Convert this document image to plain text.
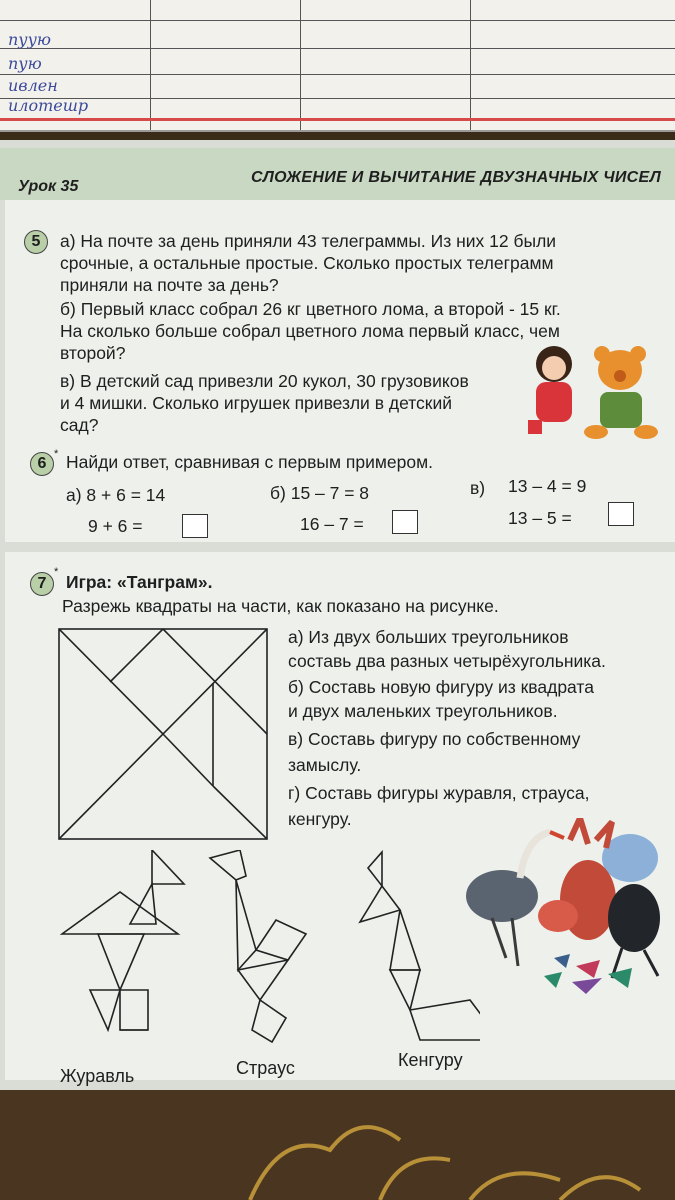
пуую
пую
ивлен
илотешр
Урок 35
СЛОЖЕНИЕ И ВЫЧИТАНИЕ ДВУЗНАЧНЫХ ЧИСЕЛ
5	а) На почте за день приняли 43 телеграммы. Из них 12 были
срочные, а остальные простые. Сколько простых телеграмм
приняли на почте за день?
б) Первый класс собрал 26 кг цветного лома, а второй - 15 кг.
На сколько больше собрал цветного лома первый класс, чем
второй?
в) В детский сад привезли 20 кукол, 30 грузовиков
и 4 мишки. Сколько игрушек привезли в детский
сад?
6
* Найди ответ, сравнивая с первым примером.
а) 8 + 6 = 14
9 + 6 =
б) 15 – 7 = 8
16 – 7 =
в) 13 – 4 = 9
13 – 5 =
7
* Игра: «Танграм».
Разрежь квадраты на части, как показано на рисунке.
а) Из двух больших треугольников
составь два разных четырёхугольника.
б) Составь новую фигуру из квадрата
и двух маленьких треугольников.
в) Составь фигуру по собственному
замыслу.
г) Составь фигуры журавля, страуса,
кенгуру.
Журавль	Страус	Кенгуру
